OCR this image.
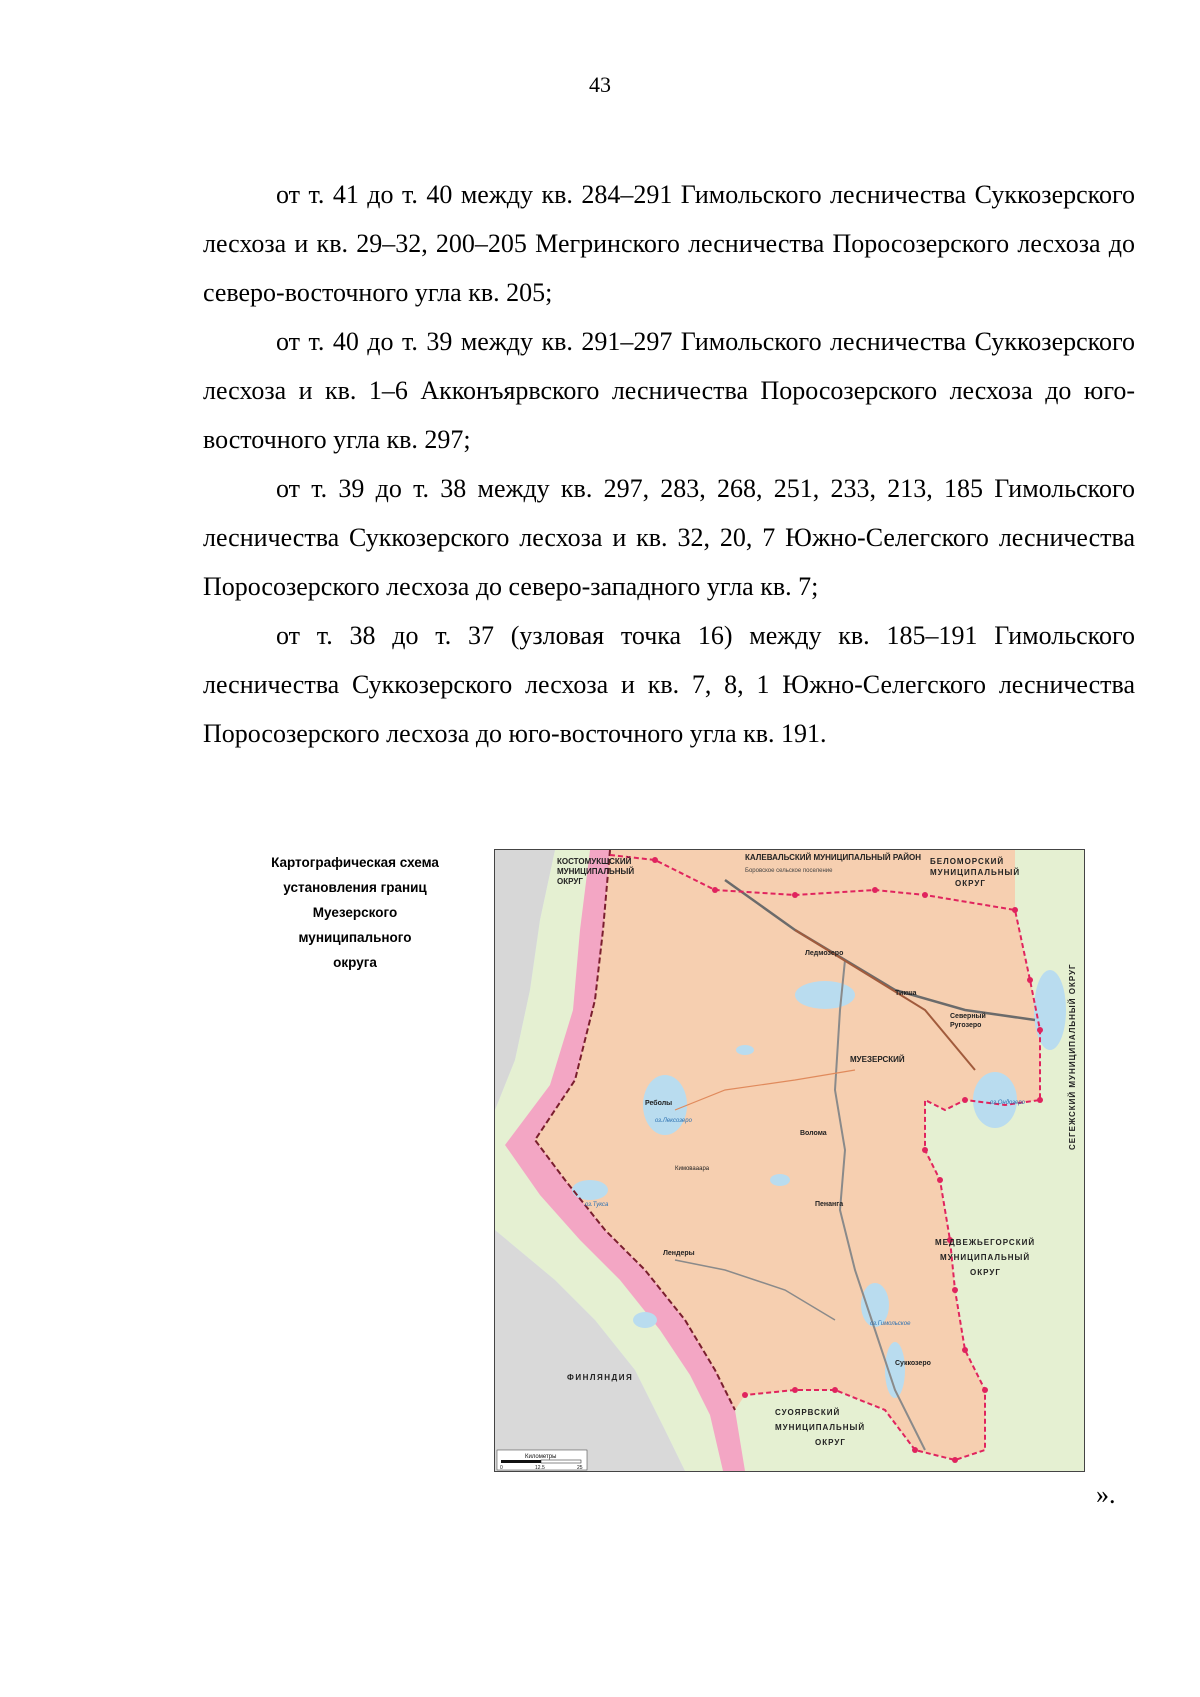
43

от т. 41 до т. 40 между кв. 284–291 Гимольского лесничества Суккозерского лесхоза и кв. 29–32, 200–205 Мегринского лесничества Поросозерского лесхоза до северо-восточного угла кв. 205;

от т. 40 до т. 39 между кв. 291–297 Гимольского лесничества Суккозерского лесхоза и кв. 1–6 Акконъярвского лесничества Поросозерского лесхоза до юго-восточного угла кв. 297;

от т. 39 до т. 38 между кв. 297, 283, 268, 251, 233, 213, 185 Гимольского лесничества Суккозерского лесхоза и кв. 32, 20, 7 Южно-Селегского лесничества Поросозерского лесхоза до северо-западного угла кв. 7;

от т. 38 до т. 37 (узловая точка 16) между кв. 185–191 Гимольского лесничества Суккозерского лесхоза и кв. 7, 8, 1 Южно-Селегского лесничества Поросозерского лесхоза до юго-восточного угла кв. 191.

Картографическая схема
установления границ
Муезерского
муниципального
округа
КОСТОМУКШСКИЙ
МУНИЦИПАЛЬНЫЙ
ОКРУГ
КАЛЕВАЛЬСКИЙ МУНИЦИПАЛЬНЫЙ РАЙОН БЕЛОМОРСКИЙ
МУНИЦИПАЛЬНЫЙ
ОКРУГ
МУЕЗЕРСКИЙ
МЕДВЕЖЬЕГОРСКИЙ
МУНИЦИПАЛЬНЫЙ
ОКРУГ
СУОЯРВСКИЙ
МУНИЦИПАЛЬНЫЙ
ОКРУГ
ФИНЛЯНДИЯ
СЕГЕЖСКИЙ МУНИЦИПАЛЬНЫЙ ОКРУГ
Боровское сельское поселение
Ледмозеро
Тикша
Северный
Ругозеро
Реболы
Волома
Пенанга
Лендеры
Суккозеро
Кимовааара
оз.Лексозеро
оз.Тукса
оз.Ондозеро
оз.Гимольское
Километры
0	12.5	25
».
